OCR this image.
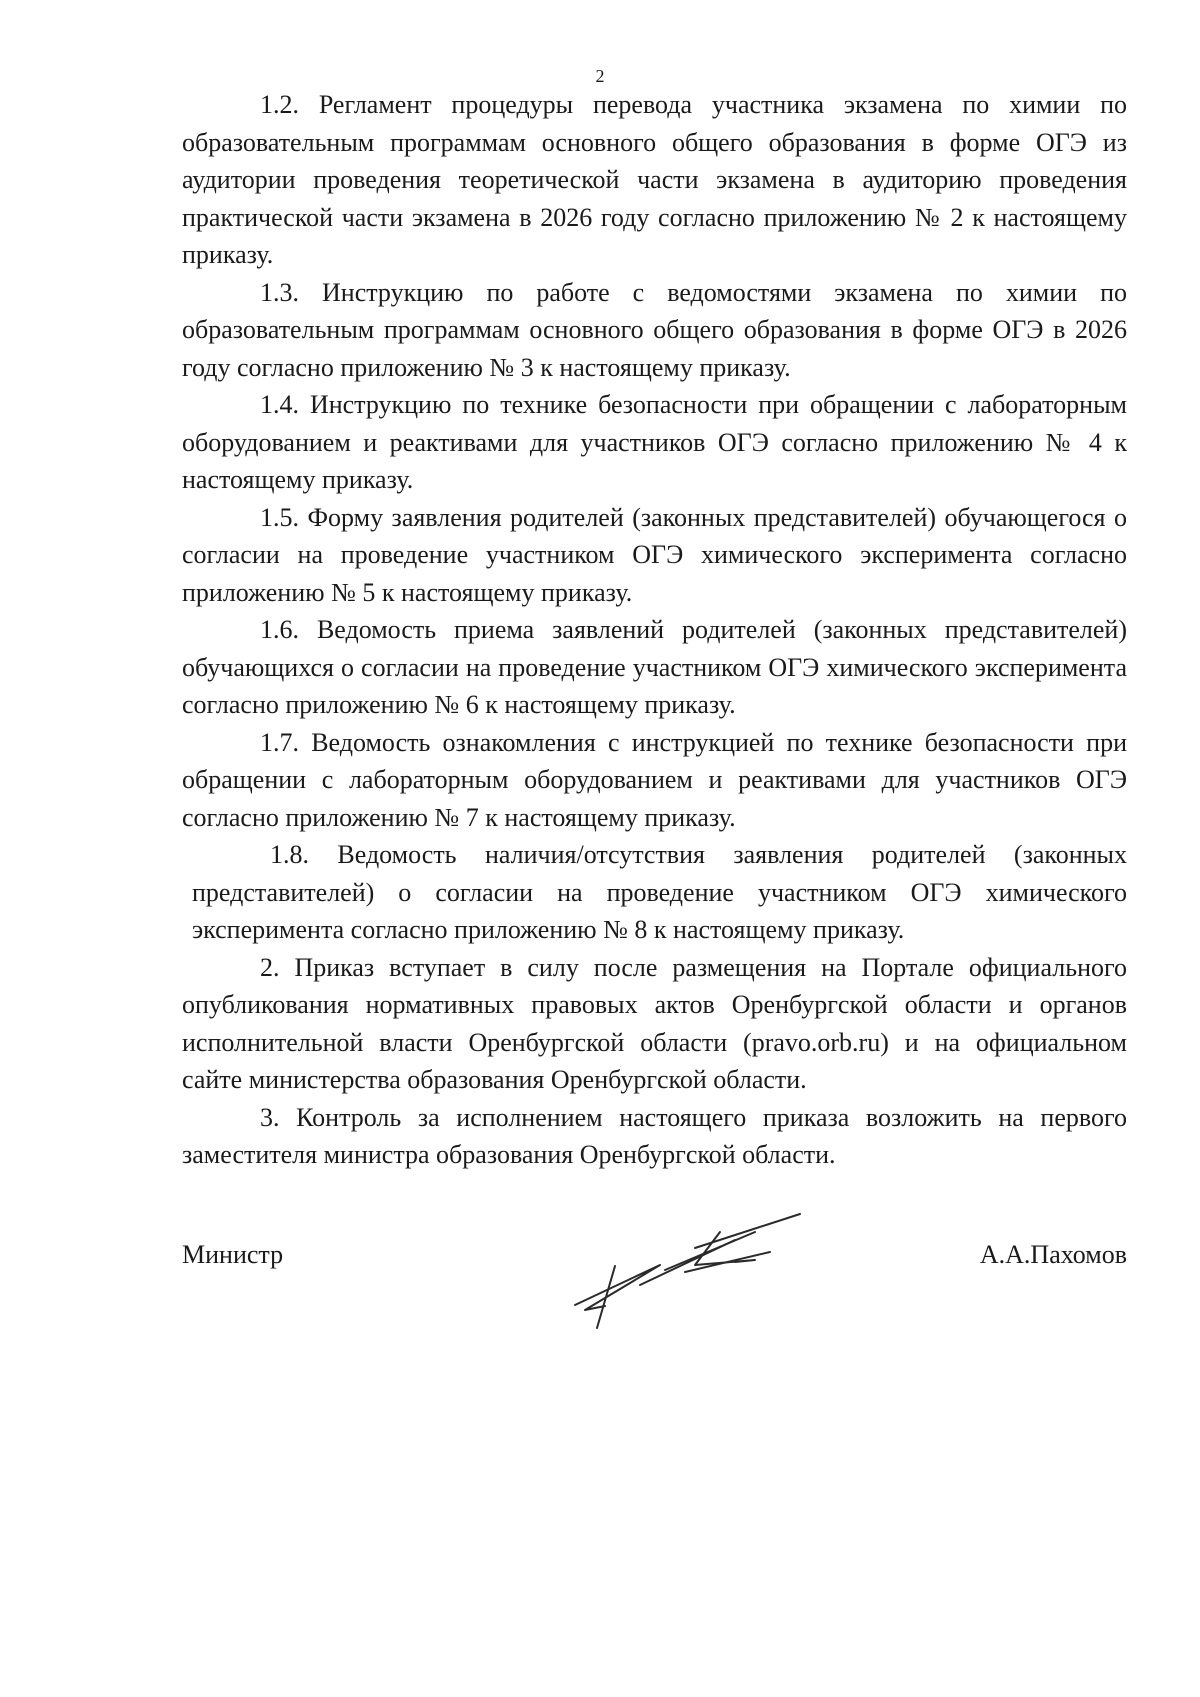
2

1.2. Регламент процедуры перевода участника экзамена по химии по образовательным программам основного общего образования в форме ОГЭ из аудитории проведения теоретической части экзамена в аудиторию проведения практической части экзамена в 2026 году согласно приложению № 2 к настоящему приказу.

1.3. Инструкцию по работе с ведомостями экзамена по химии по образовательным программам основного общего образования в форме ОГЭ в 2026 году согласно приложению № 3 к настоящему приказу.

1.4. Инструкцию по технике безопасности при обращении с лабораторным оборудованием и реактивами для участников ОГЭ согласно приложению № 4 к настоящему приказу.

1.5. Форму заявления родителей (законных представителей) обучающегося о согласии на проведение участником ОГЭ химического эксперимента согласно приложению № 5 к настоящему приказу.

1.6. Ведомость приема заявлений родителей (законных представителей) обучающихся о согласии на проведение участником ОГЭ химического эксперимента согласно приложению № 6 к настоящему приказу.

1.7. Ведомость ознакомления с инструкцией по технике безопасности при обращении с лабораторным оборудованием и реактивами для участников ОГЭ согласно приложению № 7 к настоящему приказу.

1.8. Ведомость наличия/отсутствия заявления родителей (законных представителей) о согласии на проведение участником ОГЭ химического эксперимента согласно приложению № 8 к настоящему приказу.

2. Приказ вступает в силу после размещения на Портале официального опубликования нормативных правовых актов Оренбургской области и органов исполнительной власти Оренбургской области (pravo.orb.ru) и на официальном сайте министерства образования Оренбургской области.

3. Контроль за исполнением настоящего приказа возложить на первого заместителя министра образования Оренбургской области.

Министр	А.А.Пахомов
